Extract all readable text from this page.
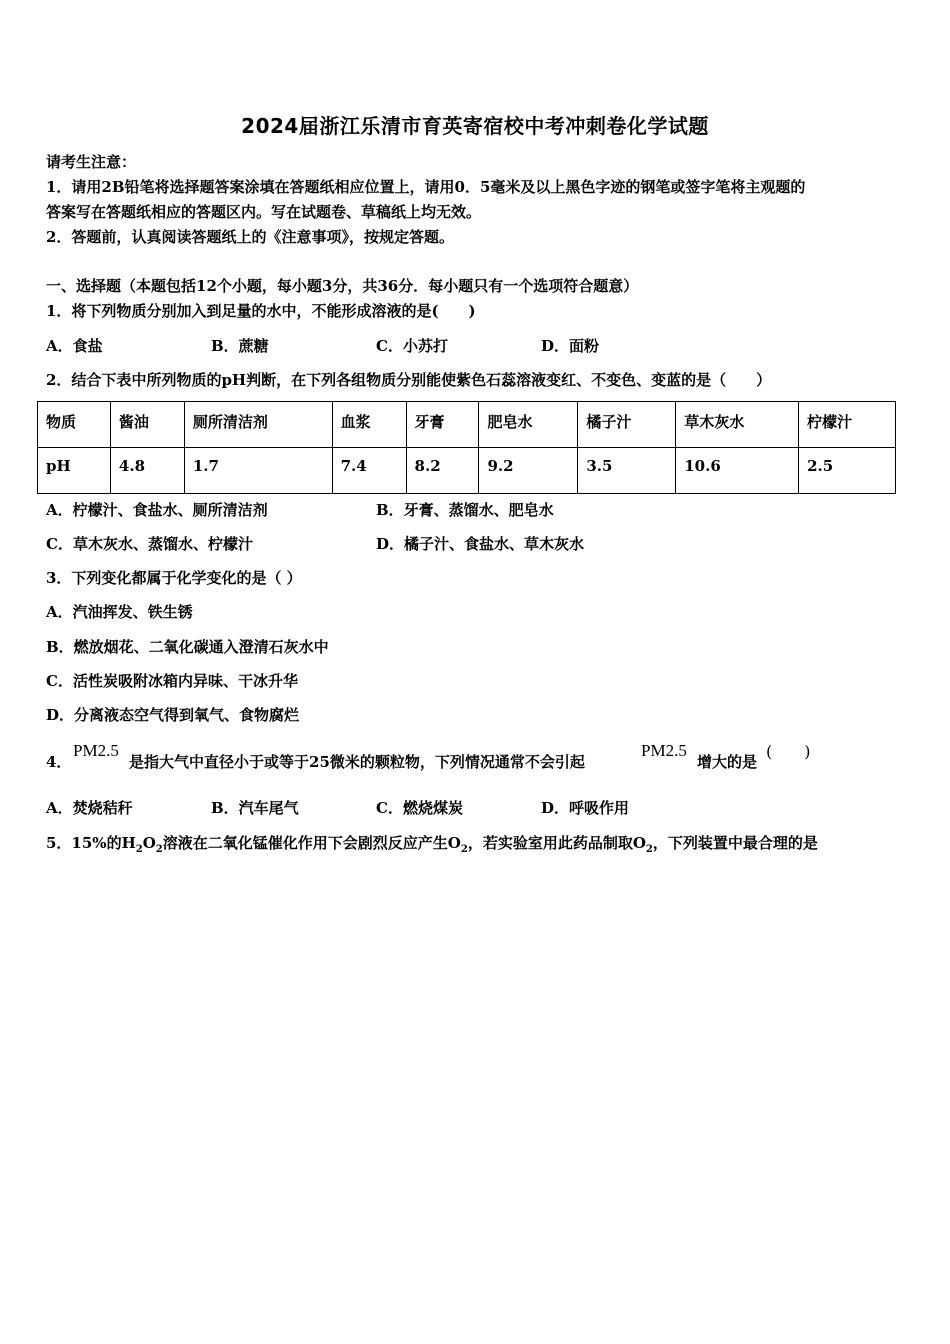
2024届浙江乐清市育英寄宿校中考冲刺卷化学试题
请考生注意：
1．请用2B铅笔将选择题答案涂填在答题纸相应位置上，请用0．5毫米及以上黑色字迹的钢笔或签字笔将主观题的
答案写在答题纸相应的答题区内。写在试题卷、草稿纸上均无效。
2．答题前，认真阅读答题纸上的《注意事项》，按规定答题。
一、选择题（本题包括12个小题，每小题3分，共36分．每小题只有一个选项符合题意）
1．将下列物质分别加入到足量的水中，不能形成溶液的是(　　)
A．食盐	B．蔗糖	C．小苏打	D．面粉
2．结合下表中所列物质的pH判断，在下列各组物质分别能使紫色石蕊溶液变红、不变色、变蓝的是（　　）
物质	酱油	厕所清洁剂	血浆	牙膏	肥皂水	橘子汁	草木灰水	柠檬汁

pH	4.8	1.7	7.4	8.2	9.2	3.5	10.6	2.5
A．柠檬汁、食盐水、厕所清洁剂	B．牙膏、蒸馏水、肥皂水
C．草木灰水、蒸馏水、柠檬汁	D．橘子汁、食盐水、草木灰水
3．下列变化都属于化学变化的是（ ）
A．汽油挥发、铁生锈
B．燃放烟花、二氧化碳通入澄清石灰水中
C．活性炭吸附冰箱内异味、干冰升华
D．分离液态空气得到氧气、食物腐烂
4．
PM2.5
是指大气中直径小于或等于25微米的颗粒物，下列情况通常不会引起
PM2.5
增大的是
(　　)
A．焚烧秸秆	B．汽车尾气	C．燃烧煤炭	D．呼吸作用
5．15%的$H_2O_2$溶液在二氧化锰催化作用下会剧烈反应产生$O_2$，若实验室用此药品制取$O_2$，下列装置中最合理的是
